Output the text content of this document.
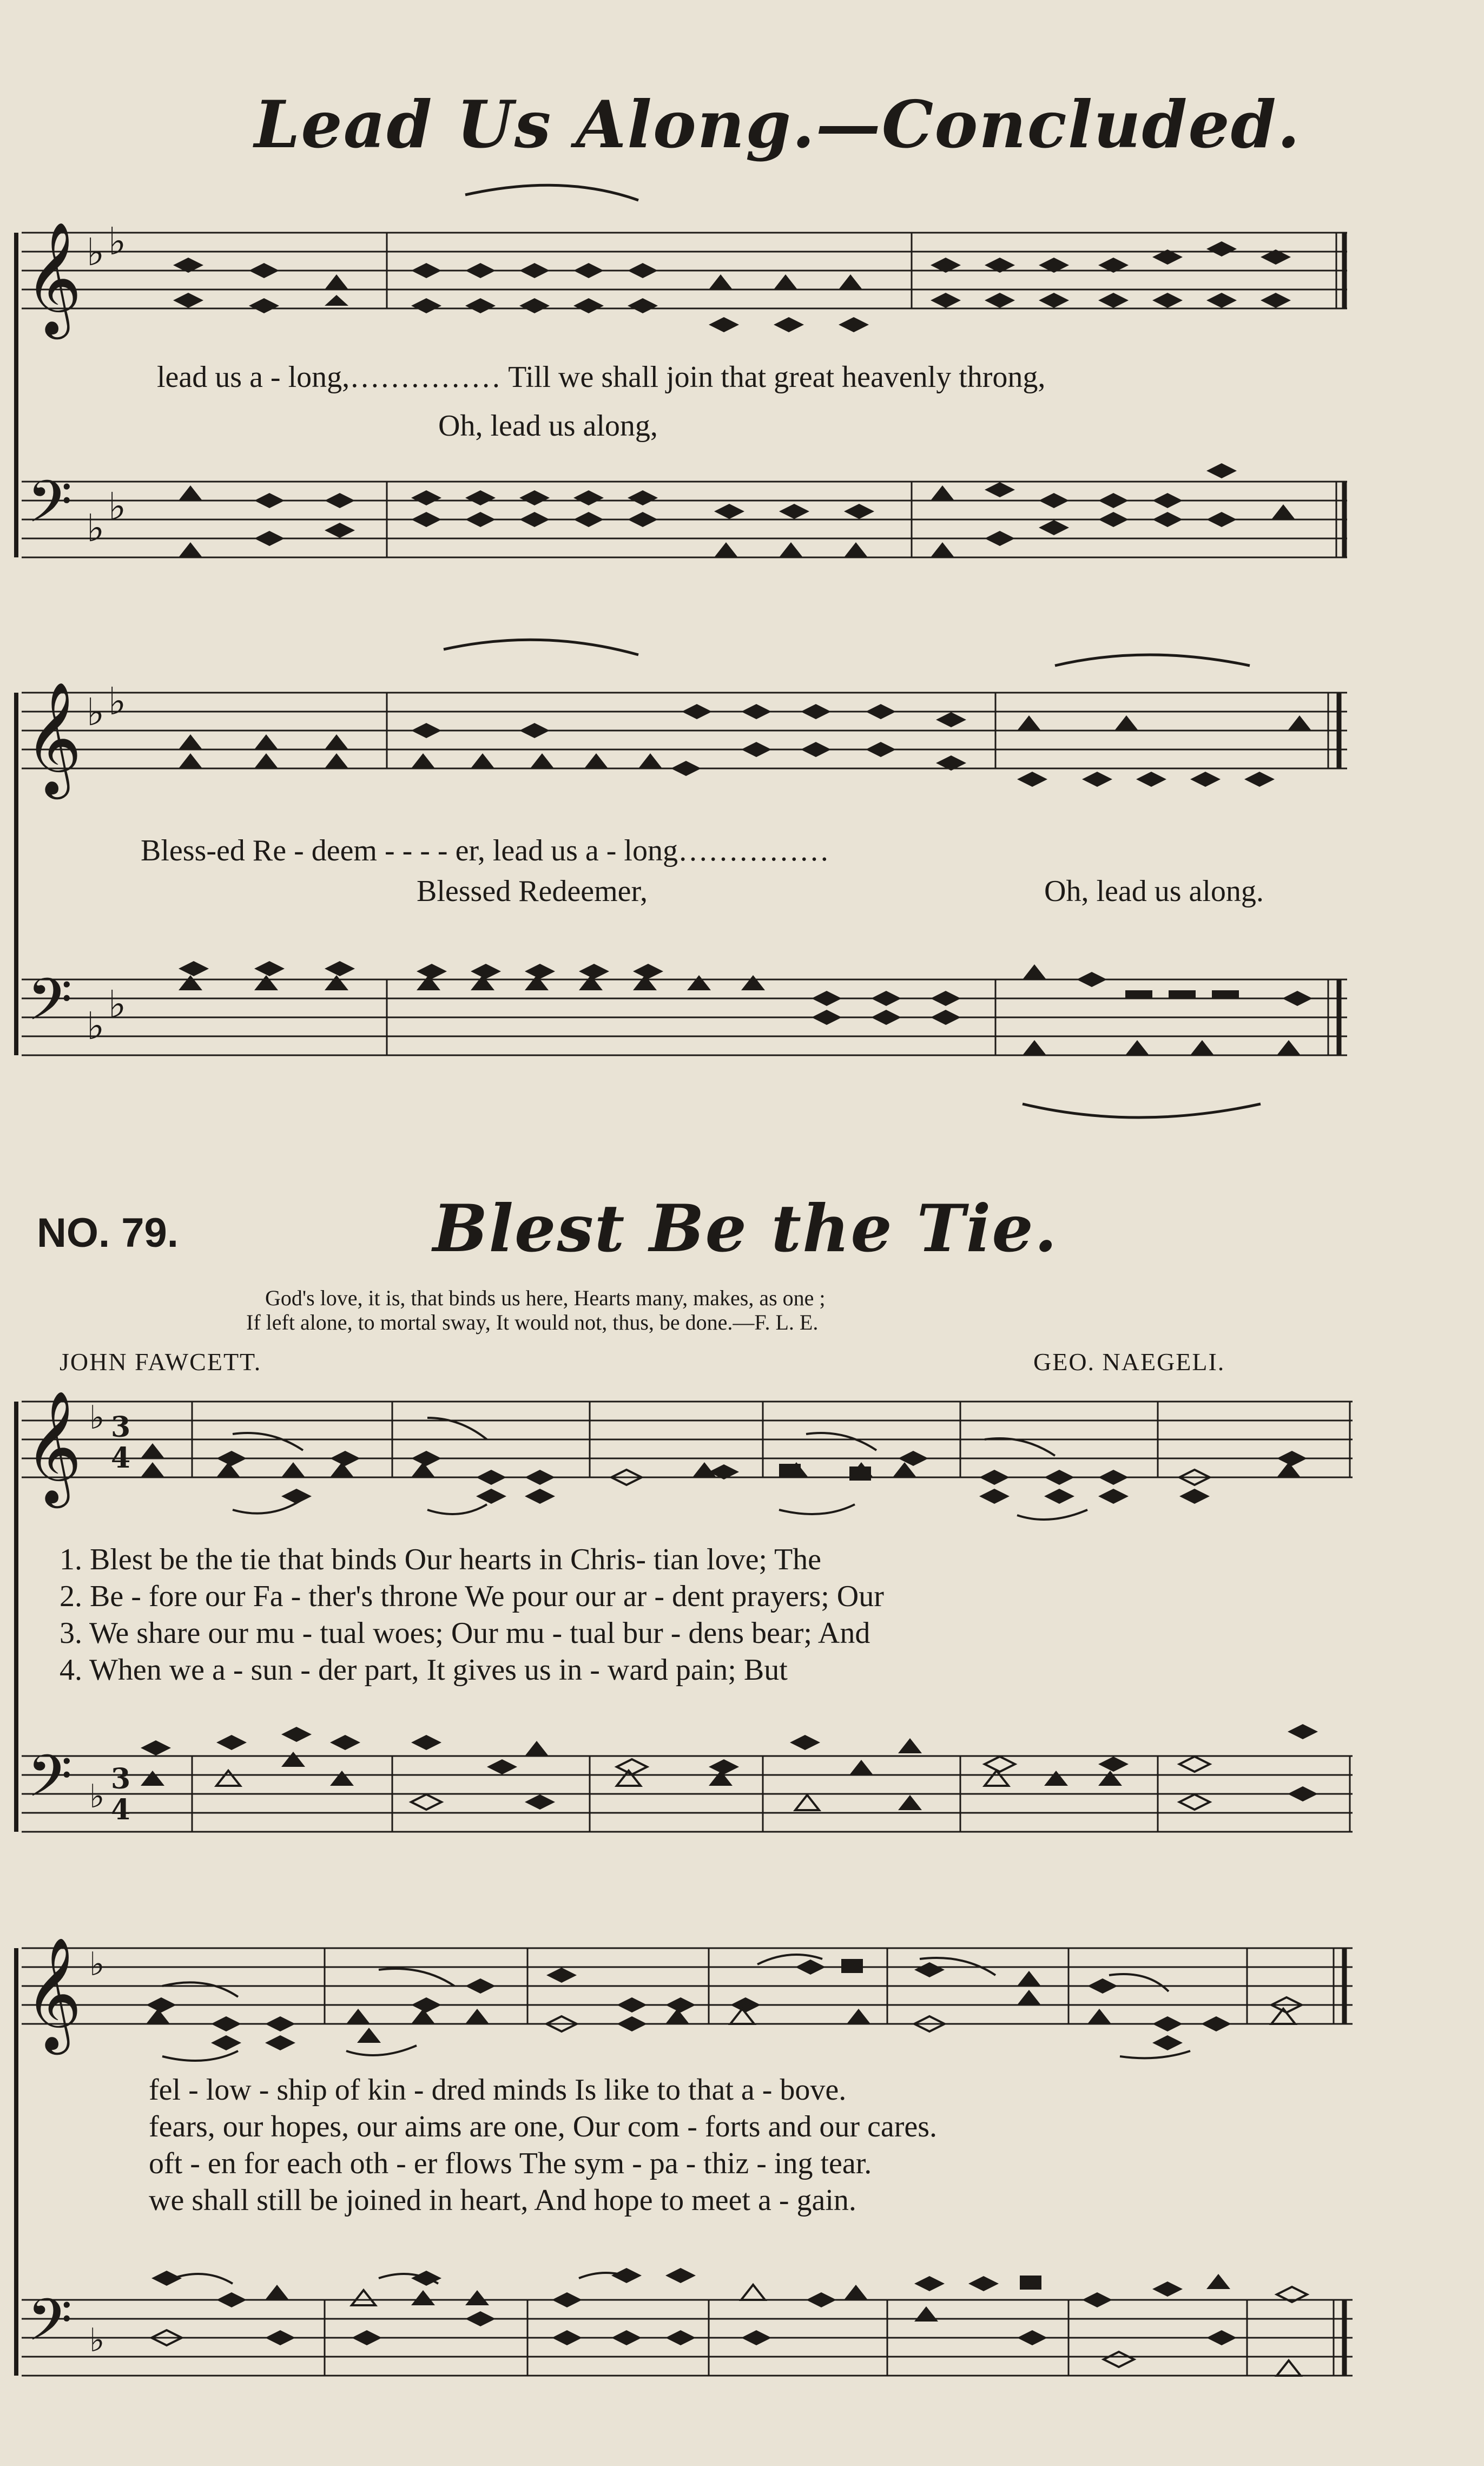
Lead Us Along.—Concluded.
𝄞
𝄢
♭ ♭
♭ ♭
lead us a - long,…………… Till we shall join that great heavenly throng,
Oh, lead us along,
𝄞
𝄢
♭ ♭
♭ ♭
Bless-ed Re - deem - - - - er, lead us a - long……………
Blessed Redeemer,	Oh, lead us along.
NO. 79.	Blest Be the Tie.
God's love, it is, that binds us here, Hearts many, makes, as one ;
If left alone, to mortal sway, It would not, thus, be done.—F. L. E.
JOHN FAWCETT.	GEO. NAEGELI.
𝄞
𝄢
♭
♭
3
4
3
4
1. Blest be the tie that binds Our hearts in Chris- tian love; The
2. Be - fore our Fa - ther's throne We pour our ar - dent prayers; Our
3. We share our mu - tual woes; Our mu - tual bur - dens bear; And
4. When we a - sun - der part, It gives us in - ward pain; But
𝄞
𝄢
♭
♭
fel - low - ship of kin - dred minds Is like to that a - bove.
fears, our hopes, our aims are one, Our com - forts and our cares.
oft - en for each oth - er flows The sym - pa - thiz - ing tear.
we shall still be joined in heart, And hope to meet a - gain.
